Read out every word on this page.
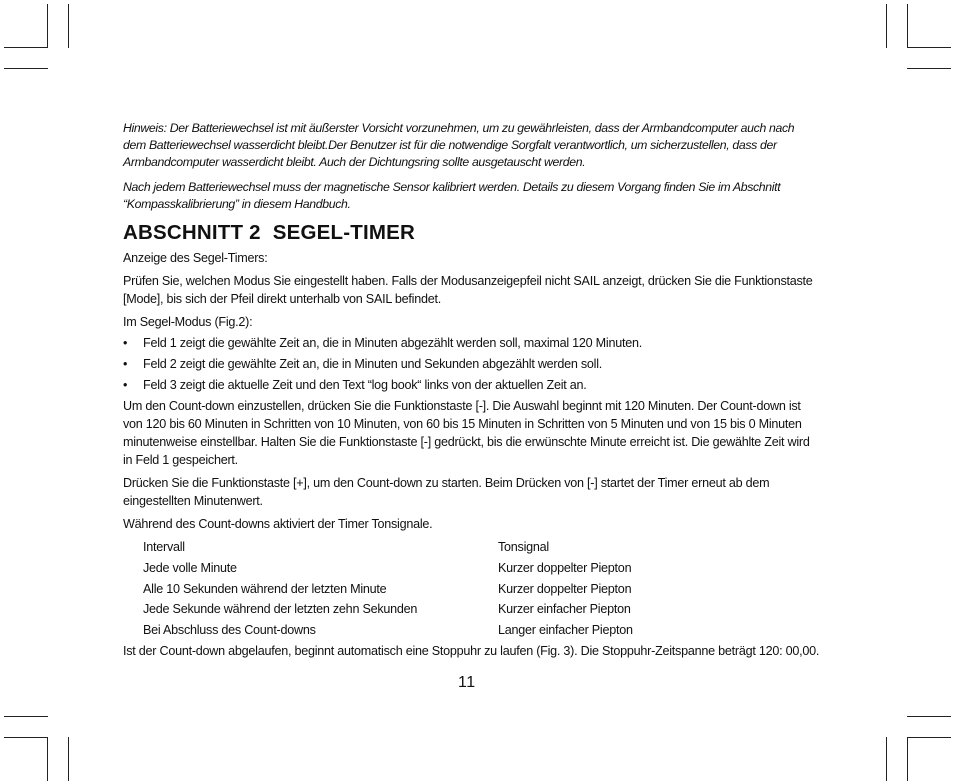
Hinweis: Der Batteriewechsel ist mit äußerster Vorsicht vorzunehmen, um zu gewährleisten, dass der Armbandcomputer auch nach dem Batteriewechsel wasserdicht bleibt.Der Benutzer ist für die notwendige Sorgfalt verantwortlich, um sicherzustellen, dass der Armbandcomputer wasserdicht bleibt. Auch der Dichtungsring sollte ausgetauscht werden.

Nach jedem Batteriewechsel muss der magnetische Sensor kalibriert werden. Details zu diesem Vorgang finden Sie im Abschnitt “Kompasskalibrierung” in diesem Handbuch.

ABSCHNITT 2 SEGEL-TIMER

Anzeige des Segel-Timers:

Prüfen Sie, welchen Modus Sie eingestellt haben. Falls der Modusanzeigepfeil nicht SAIL anzeigt, drücken Sie die Funktionstaste [Mode], bis sich der Pfeil direkt unterhalb von SAIL befindet.

Im Segel-Modus (Fig.2):

• Feld 1 zeigt die gewählte Zeit an, die in Minuten abgezählt werden soll, maximal 120 Minuten.
• Feld 2 zeigt die gewählte Zeit an, die in Minuten und Sekunden abgezählt werden soll.
• Feld 3 zeigt die aktuelle Zeit und den Text “log book“ links von der aktuellen Zeit an.

Um den Count-down einzustellen, drücken Sie die Funktionstaste [-]. Die Auswahl beginnt mit 120 Minuten. Der Count-down ist von 120 bis 60 Minuten in Schritten von 10 Minuten, von 60 bis 15 Minuten in Schritten von 5 Minuten und von 15 bis 0 Minuten minutenweise einstellbar. Halten Sie die Funktionstaste [-] gedrückt, bis die erwünschte Minute erreicht ist. Die gewählte Zeit wird in Feld 1 gespeichert.

Drücken Sie die Funktionstaste [+], um den Count-down zu starten. Beim Drücken von [-] startet der Timer erneut ab dem eingestellten Minutenwert.

Während des Count-downs aktiviert der Timer Tonsignale.

Intervall	Tonsignal
Jede volle Minute	Kurzer doppelter Piepton
Alle 10 Sekunden während der letzten Minute	Kurzer doppelter Piepton
Jede Sekunde während der letzten zehn Sekunden	Kurzer einfacher Piepton
Bei Abschluss des Count-downs	Langer einfacher Piepton

Ist der Count-down abgelaufen, beginnt automatisch eine Stoppuhr zu laufen (Fig. 3). Die Stoppuhr-Zeitspanne beträgt 120: 00,00.

11
